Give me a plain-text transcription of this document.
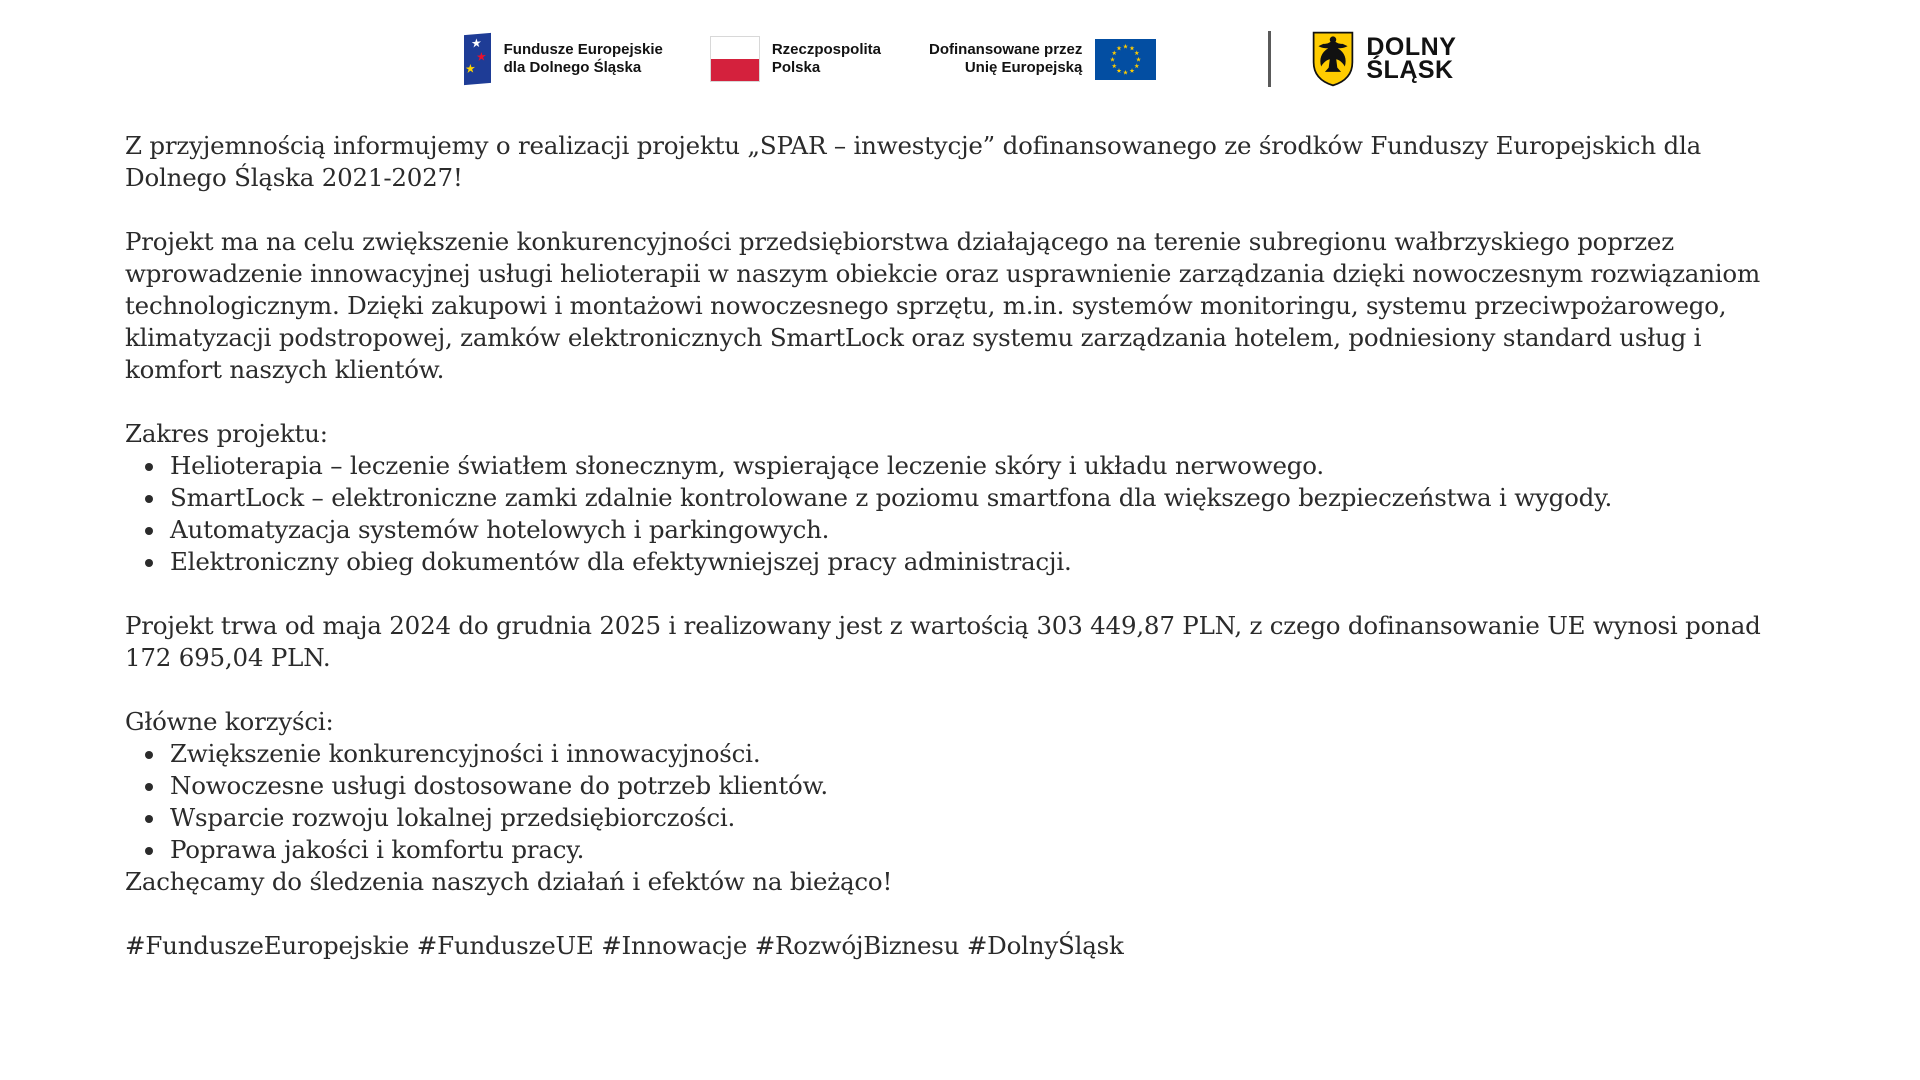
★
★
★
Fundusze Europejskie
dla Dolnego Śląska
Rzeczpospolita
Polska
Dofinansowane przez
Unię Europejską
DOLNY
ŚLĄSK

Z przyjemnością informujemy o realizacji projektu „SPAR – inwestycje” dofinansowanego ze środków Funduszy Europejskich dla Dolnego Śląska 2021-2027!

Projekt ma na celu zwiększenie konkurencyjności przedsiębiorstwa działającego na terenie subregionu wałbrzyskiego poprzez wprowadzenie innowacyjnej usługi helioterapii w naszym obiekcie oraz usprawnienie zarządzania dzięki nowoczesnym rozwiązaniom technologicznym. Dzięki zakupowi i montażowi nowoczesnego sprzętu, m.in. systemów monitoringu, systemu przeciwpożarowego, klimatyzacji podstropowej, zamków elektronicznych SmartLock oraz systemu zarządzania hotelem, podniesiony standard usług i komfort naszych klientów.

Zakres projektu:

• Helioterapia – leczenie światłem słonecznym, wspierające leczenie skóry i układu nerwowego.
• SmartLock – elektroniczne zamki zdalnie kontrolowane z poziomu smartfona dla większego bezpieczeństwa i wygody.
• Automatyzacja systemów hotelowych i parkingowych.
• Elektroniczny obieg dokumentów dla efektywniejszej pracy administracji.

Projekt trwa od maja 2024 do grudnia 2025 i realizowany jest z wartością 303 449,87 PLN, z czego dofinansowanie UE wynosi ponad 172 695,04 PLN.

Główne korzyści:

• Zwiększenie konkurencyjności i innowacyjności.
• Nowoczesne usługi dostosowane do potrzeb klientów.
• Wsparcie rozwoju lokalnej przedsiębiorczości.
• Poprawa jakości i komfortu pracy.

Zachęcamy do śledzenia naszych działań i efektów na bieżąco!

#FunduszeEuropejskie #FunduszeUE #Innowacje #RozwójBiznesu #DolnyŚląsk
